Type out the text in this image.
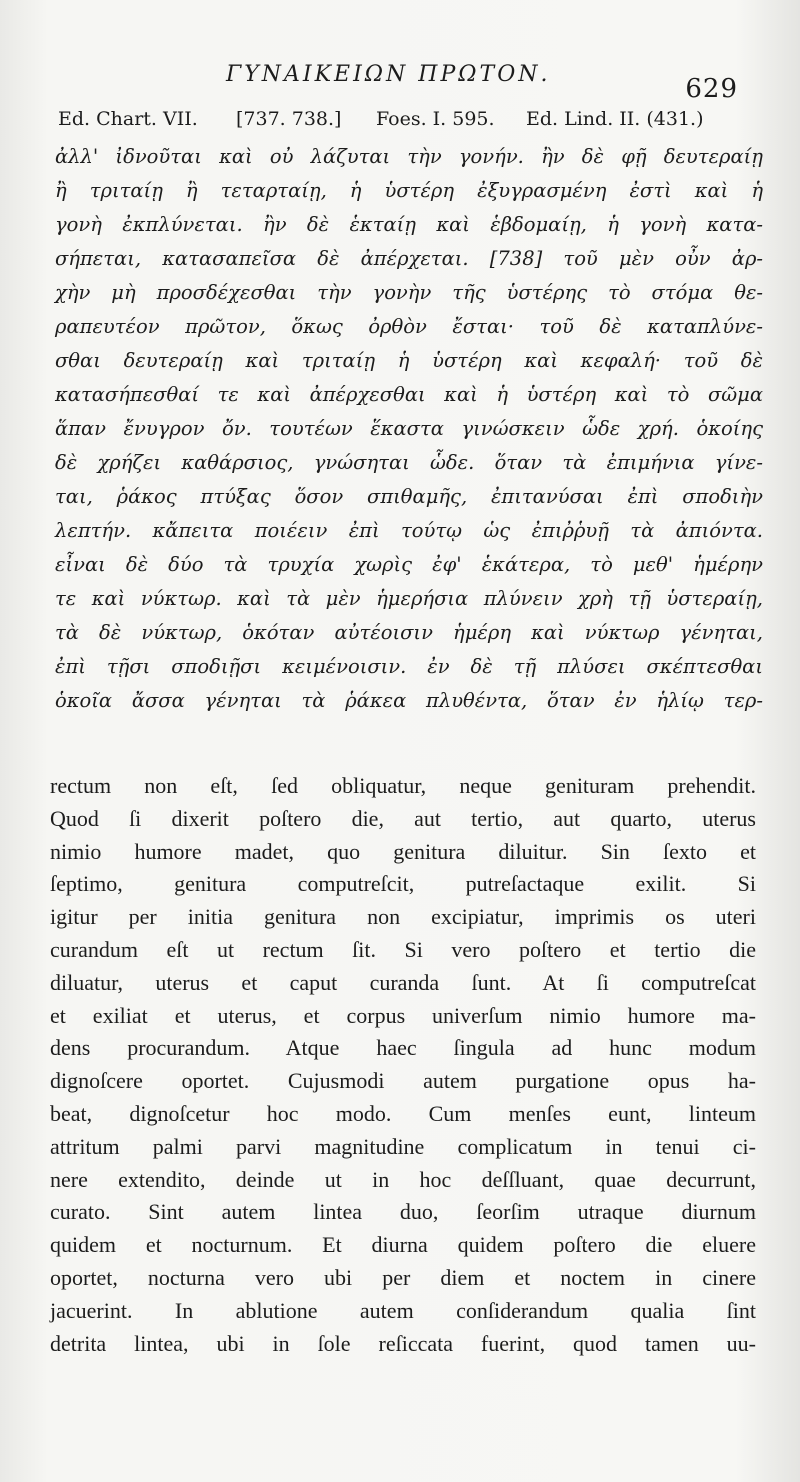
ΓΥΝΑΙΚΕΙΩΝ ΠΡΩΤΟΝ.	629
Ed. Chart. VII. [737. 738.] Foes. I. 595. Ed. Lind. II. (431.)
ἀλλ' ἰδνοῦται καὶ οὐ λάζυται τὴν γονήν. ἢν δὲ φῇ δευτεραίῃ
ἢ τριταίῃ ἢ τεταρταίῃ, ἡ ὑστέρη ἐξυγρασμένη ἐστὶ καὶ ἡ
γονὴ ἐκπλύνεται. ἢν δὲ ἑκταίῃ καὶ ἑβδομαίῃ, ἡ γονὴ κατα-
σήπεται, κατασαπεῖσα δὲ ἀπέρχεται. [738] τοῦ μὲν οὖν ἀρ-
χὴν μὴ προσδέχεσθαι τὴν γονὴν τῆς ὑστέρης τὸ στόμα θε-
ραπευτέον πρῶτον, ὅκως ὀρθὸν ἔσται· τοῦ δὲ καταπλύνε-
σθαι δευτεραίῃ καὶ τριταίῃ ἡ ὑστέρη καὶ κεφαλή· τοῦ δὲ
κατασήπεσθαί τε καὶ ἀπέρχεσθαι καὶ ἡ ὑστέρη καὶ τὸ σῶμα
ἅπαν ἔνυγρον ὄν. τουτέων ἕκαστα γινώσκειν ὧδε χρή. ὁκοίης
δὲ χρήζει καθάρσιος, γνώσηται ὧδε. ὅταν τὰ ἐπιμήνια γίνε-
ται, ῥάκος πτύξας ὅσον σπιθαμῆς, ἐπιτανύσαι ἐπὶ σποδιὴν
λεπτήν. κἄπειτα ποιέειν ἐπὶ τούτῳ ὡς ἐπιῤῥυῇ τὰ ἀπιόντα.
εἶναι δὲ δύο τὰ τρυχία χωρὶς ἐφ' ἑκάτερα, τὸ μεθ' ἡμέρην
τε καὶ νύκτωρ. καὶ τὰ μὲν ἡμερήσια πλύνειν χρὴ τῇ ὑστεραίῃ,
τὰ δὲ νύκτωρ, ὁκόταν αὐτέοισιν ἡμέρη καὶ νύκτωρ γένηται,
ἐπὶ τῇσι σποδιῇσι κειμένοισιν. ἐν δὲ τῇ πλύσει σκέπτεσθαι
ὁκοῖα ἄσσα γένηται τὰ ῥάκεα πλυθέντα, ὅταν ἐν ἡλίῳ τερ-
rectum non eſt, ſed obliquatur, neque genituram prehendit.
Quod ſi dixerit poſtero die, aut tertio, aut quarto, uterus
nimio humore madet, quo genitura diluitur. Sin ſexto et
ſeptimo, genitura computreſcit, putreſactaque exilit. Si
igitur per initia genitura non excipiatur, imprimis os uteri
curandum eſt ut rectum ſit. Si vero poſtero et tertio die
diluatur, uterus et caput curanda ſunt. At ſi computreſcat
et exiliat et uterus, et corpus univerſum nimio humore ma-
dens procurandum. Atque haec ſingula ad hunc modum
dignoſcere oportet. Cujusmodi autem purgatione opus ha-
beat, dignoſcetur hoc modo. Cum menſes eunt, linteum
attritum palmi parvi magnitudine complicatum in tenui ci-
nere extendito, deinde ut in hoc deſſluant, quae decurrunt,
curato. Sint autem lintea duo, ſeorſim utraque diurnum
quidem et nocturnum. Et diurna quidem poſtero die eluere
oportet, nocturna vero ubi per diem et noctem in cinere
jacuerint. In ablutione autem conſiderandum qualia ſint
detrita lintea, ubi in ſole reſiccata fuerint, quod tamen uu-
